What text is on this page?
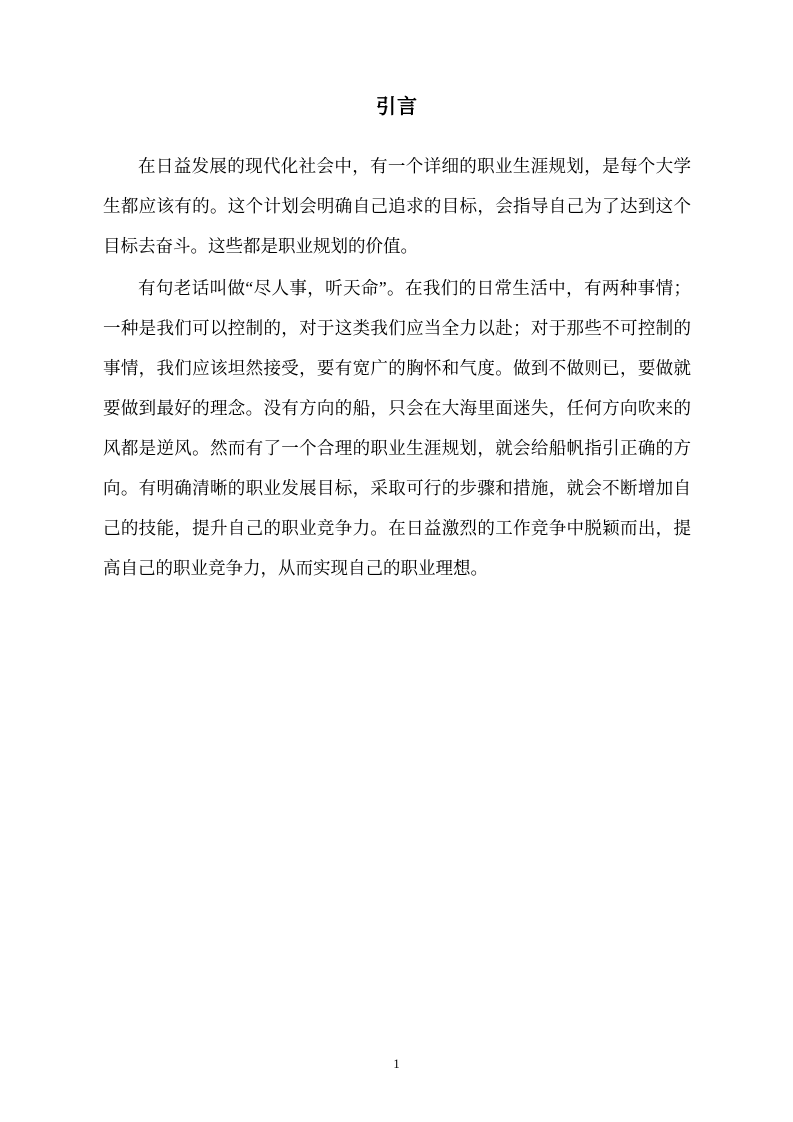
引言

在日益发展的现代化社会中，有一个详细的职业生涯规划，是每个大学生都应该有的。这个计划会明确自己追求的目标，会指导自己为了达到这个目标去奋斗。这些都是职业规划的价值。

有句老话叫做“尽人事，听天命”。在我们的日常生活中，有两种事情；一种是我们可以控制的，对于这类我们应当全力以赴；对于那些不可控制的事情，我们应该坦然接受，要有宽广的胸怀和气度。做到不做则已，要做就要做到最好的理念。没有方向的船，只会在大海里面迷失，任何方向吹来的风都是逆风。然而有了一个合理的职业生涯规划，就会给船帆指引正确的方向。有明确清晰的职业发展目标，采取可行的步骤和措施，就会不断增加自己的技能，提升自己的职业竞争力。在日益激烈的工作竞争中脱颖而出，提高自己的职业竞争力，从而实现自己的职业理想。

1
